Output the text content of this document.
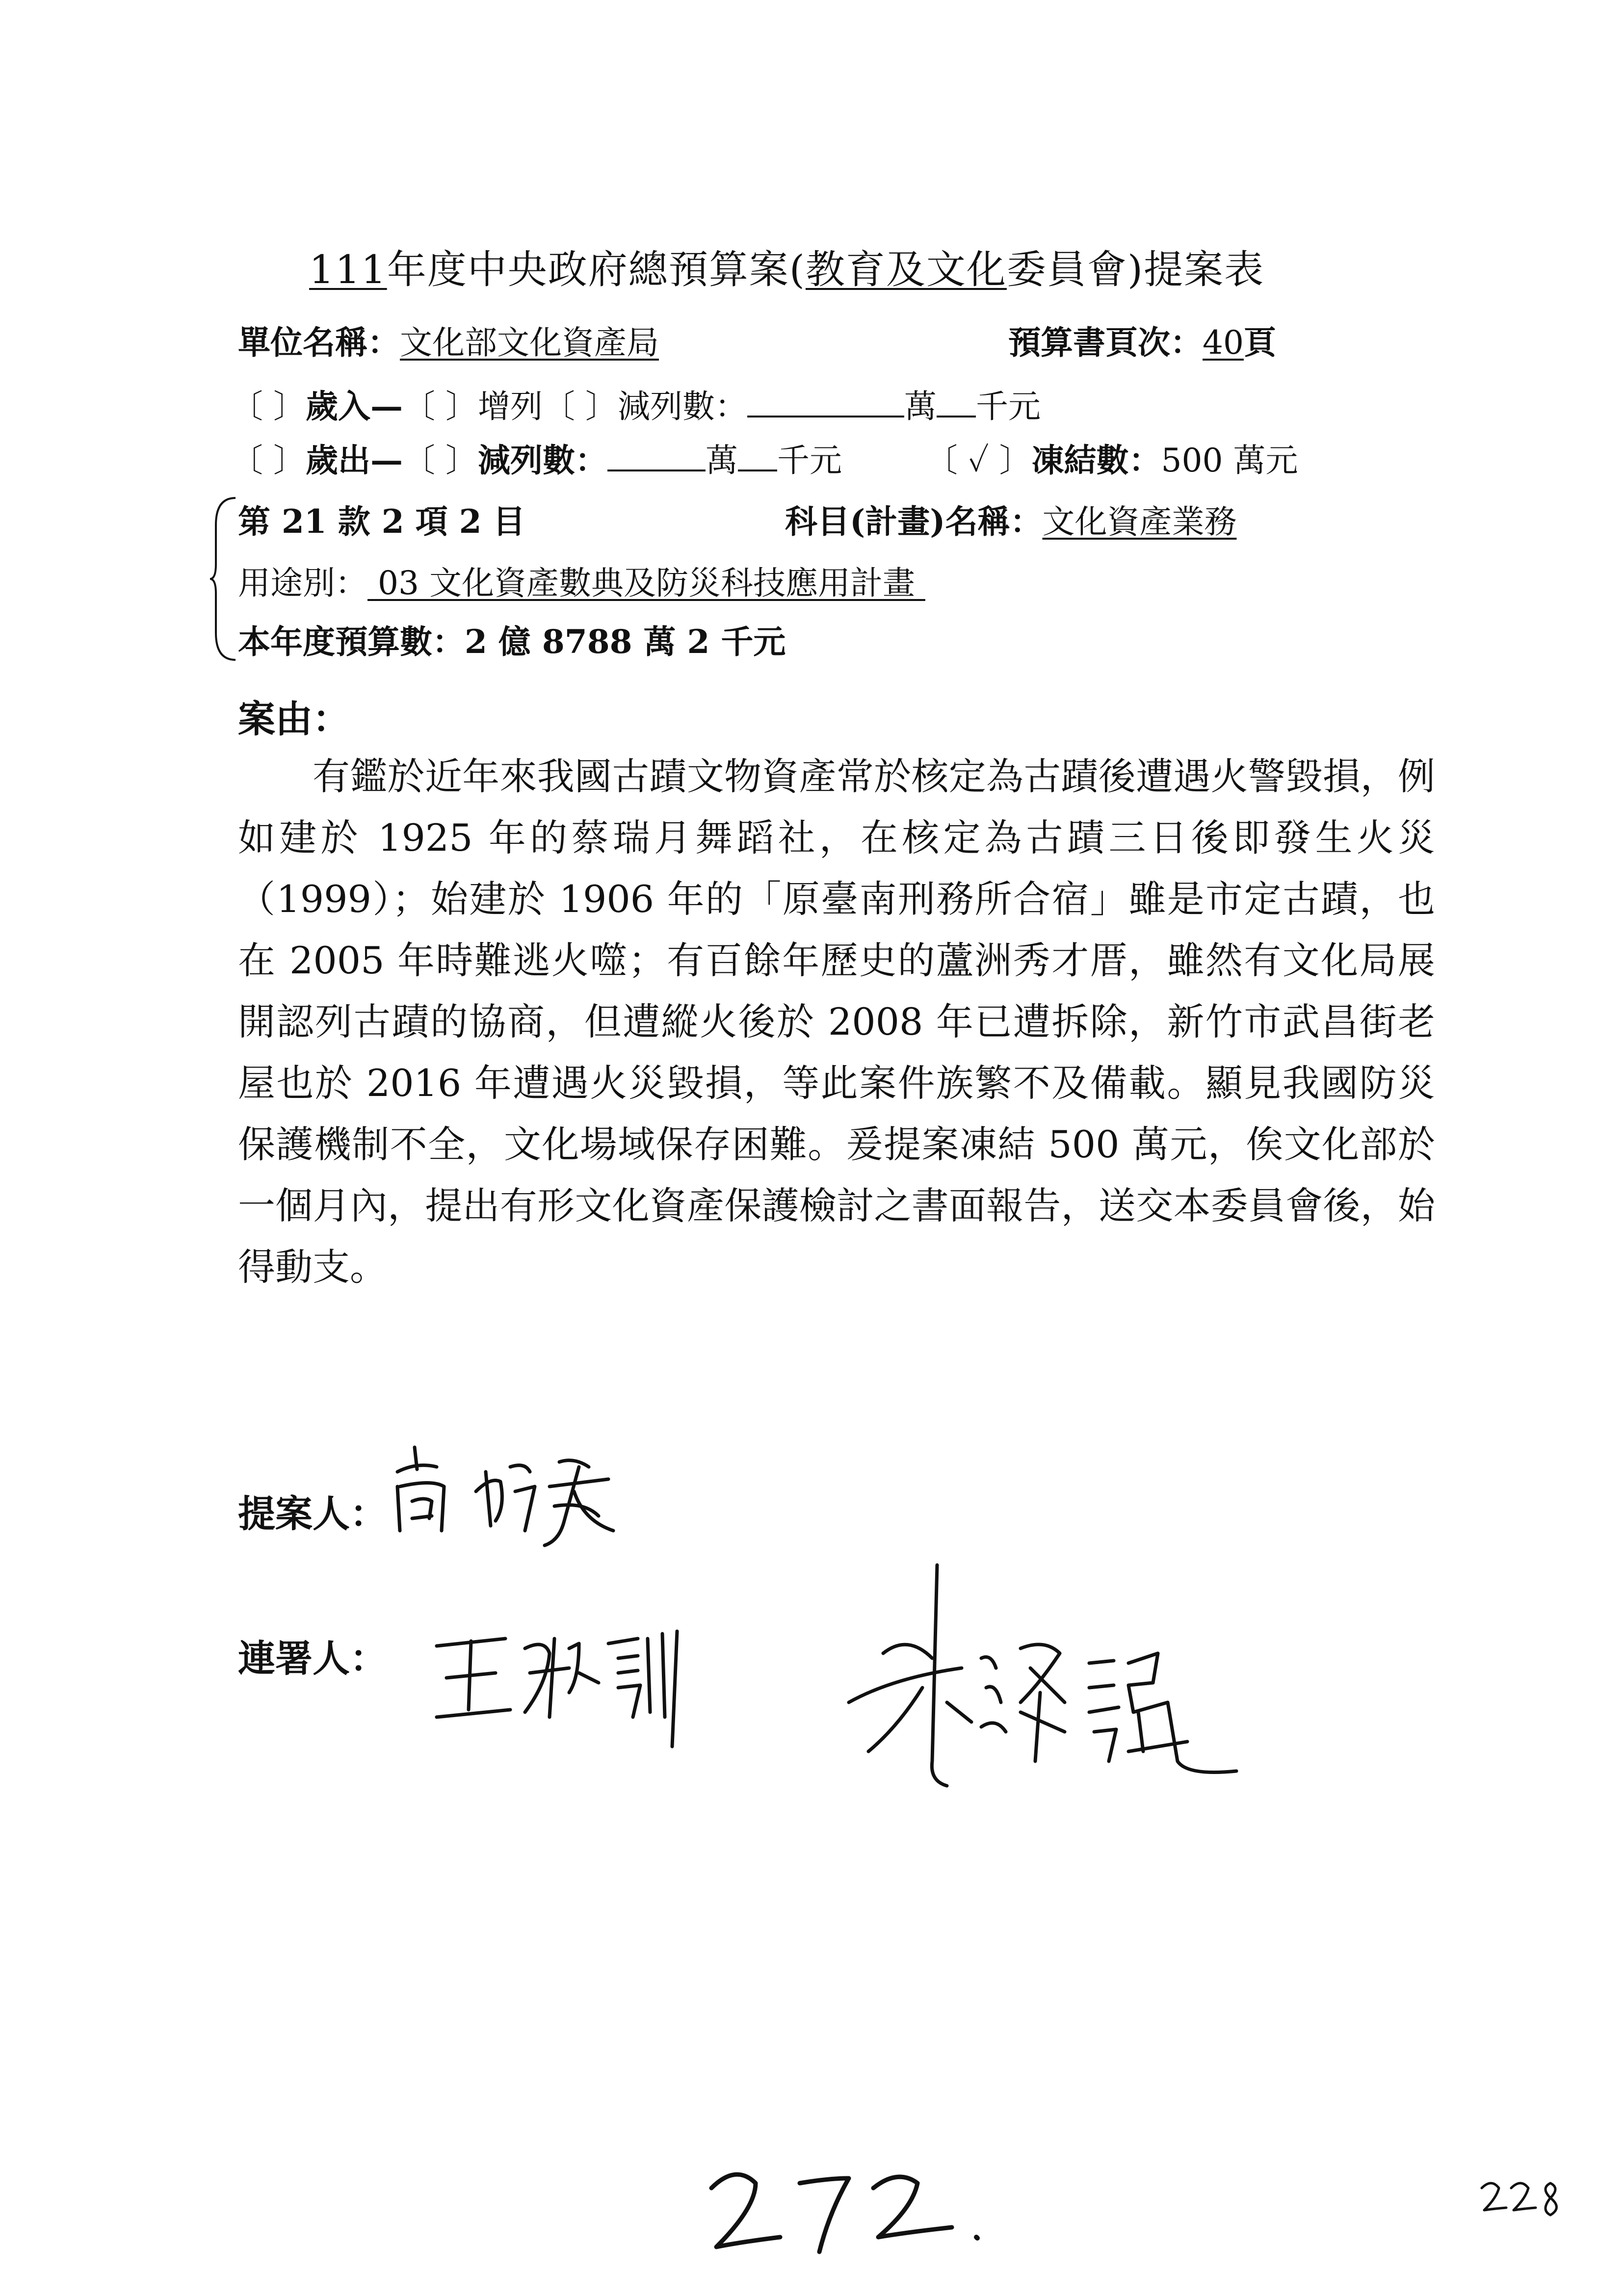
111年度中央政府總預算案(教育及文化委員會)提案表
單位名稱：文化部文化資產局	預算書頁次：40頁
〔 〕歲入—〔 〕增列〔 〕減列數：	萬 千元
〔 〕歲出—〔 〕減列數：	萬 千元	〔 ✓ 〕凍結數：500 萬元
第 21 款 2 項 2 目	科目(計畫)名稱：文化資產業務
用途別： 03 文化資產數典及防災科技應用計畫
本年度預算數：2 億 8788 萬 2 千元
案由：
有鑑於近年來我國古蹟文物資產常於核定為古蹟後遭遇火警毀損，例如建於 1925 年的蔡瑞月舞蹈社，在核定為古蹟三日後即發生火災（1999）；始建於 1906 年的「原臺南刑務所合宿」雖是市定古蹟，也在 2005 年時難逃火噬；有百餘年歷史的蘆洲秀才厝，雖然有文化局展開認列古蹟的協商，但遭縱火後於 2008 年已遭拆除，新竹市武昌街老屋也於 2016 年遭遇火災毀損，等此案件族繁不及備載。顯見我國防災保護機制不全，文化場域保存困難。爰提案凍結 500 萬元，俟文化部於一個月內，提出有形文化資產保護檢討之書面報告，送交本委員會後，始得動支。
提案人：
連署人：
